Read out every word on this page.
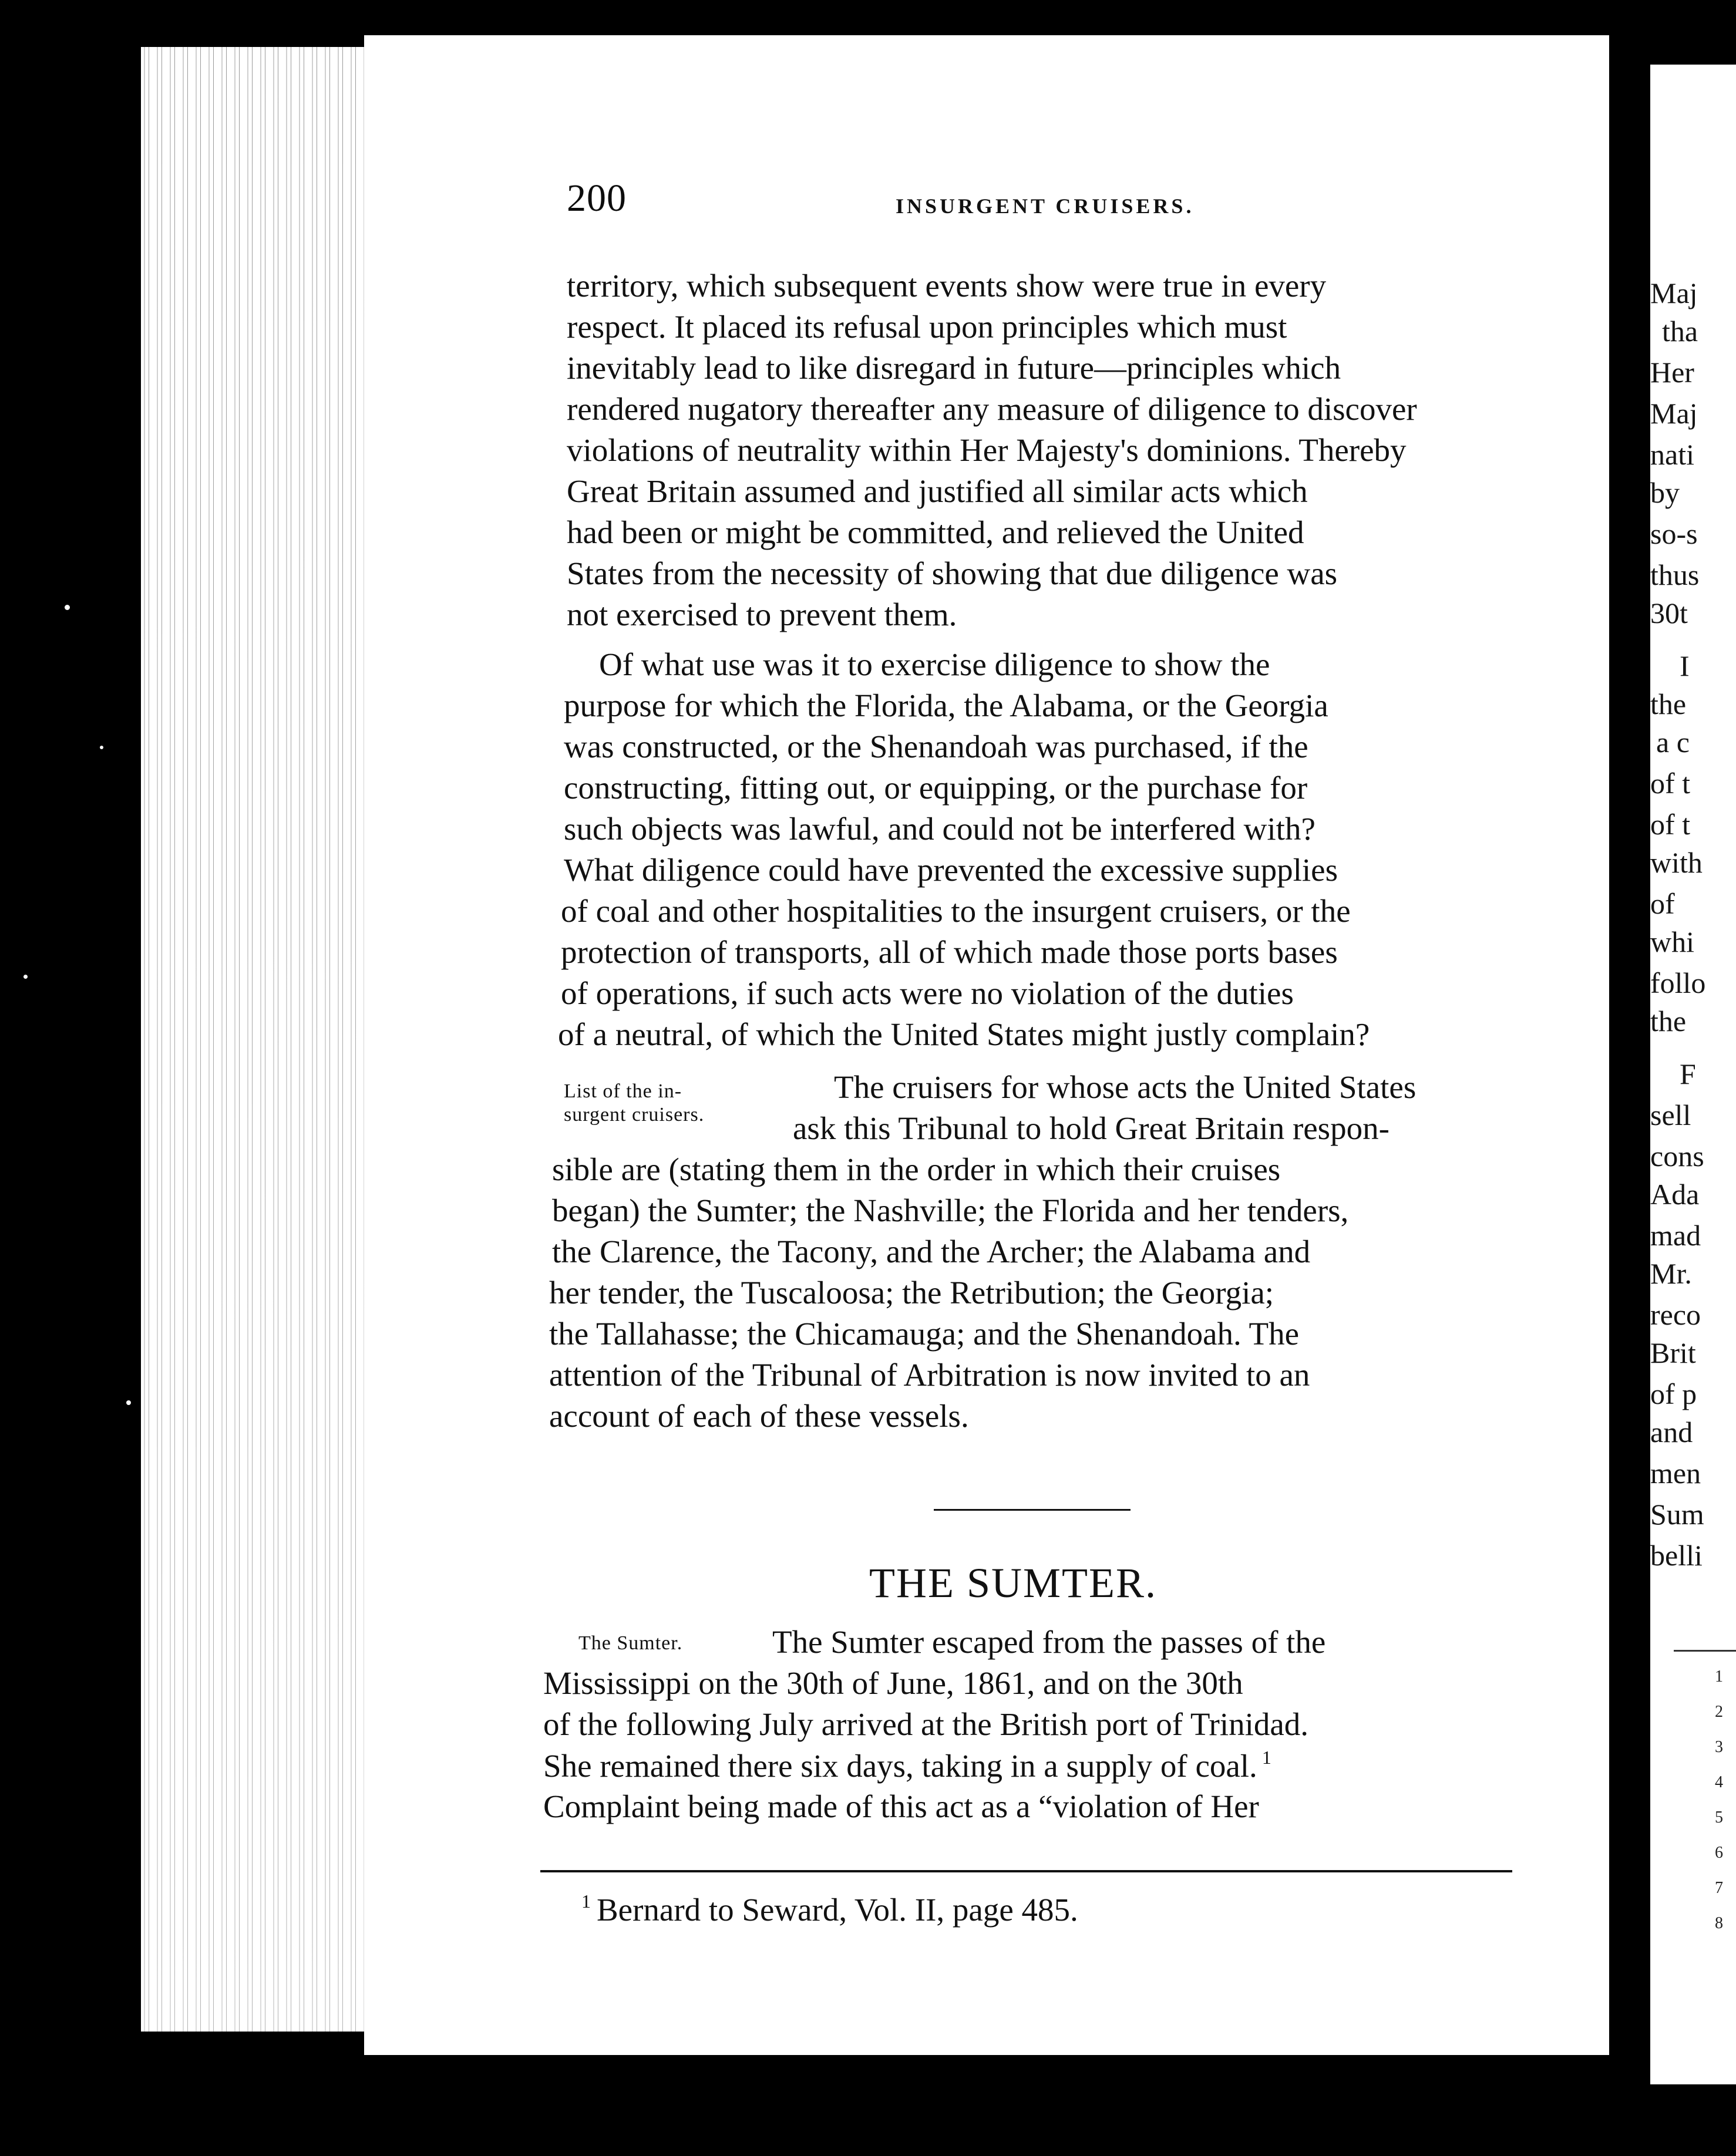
200	INSURGENT CRUISERS.
territory, which subsequent events show were true in every
respect. It placed its refusal upon principles which must
inevitably lead to like disregard in future—principles which
rendered nugatory thereafter any measure of diligence to discover
violations of neutrality within Her Majesty's dominions. Thereby
Great Britain assumed and justified all similar acts which
had been or might be committed, and relieved the United
States from the necessity of showing that due diligence was
not exercised to prevent them.
Of what use was it to exercise diligence to show the
purpose for which the Florida, the Alabama, or the Georgia
was constructed, or the Shenandoah was purchased, if the
constructing, fitting out, or equipping, or the purchase for
such objects was lawful, and could not be interfered with?
What diligence could have prevented the excessive supplies
of coal and other hospitalities to the insurgent cruisers, or the
protection of transports, all of which made those ports bases
of operations, if such acts were no violation of the duties
of a neutral, of which the United States might justly complain?
List of the in-
surgent cruisers.
The cruisers for whose acts the United States
ask this Tribunal to hold Great Britain respon-
sible are (stating them in the order in which their cruises
began) the Sumter; the Nashville; the Florida and her tenders,
the Clarence, the Tacony, and the Archer; the Alabama and
her tender, the Tuscaloosa; the Retribution; the Georgia;
the Tallahasse; the Chicamauga; and the Shenandoah. The
attention of the Tribunal of Arbitration is now invited to an
account of each of these vessels.
THE SUMTER.
The Sumter.	The Sumter escaped from the passes of the
Mississippi on the 30th of June, 1861, and on the 30th
of the following July arrived at the British port of Trinidad.
She remained there six days, taking in a supply of coal. $^1$
Complaint being made of this act as a “violation of Her
$^1$ Bernard to Seward, Vol. II, page 485.
Maj
tha
Her
Maj
nati
by
so-s
thus
30t
I
the
a c
of t
of t
with
of
whi
follo
the
F
sell
cons
Ada
mad
Mr.
reco
Brit
of p
and
men
Sum
belli
1
2
3
4
5
6
7
8
